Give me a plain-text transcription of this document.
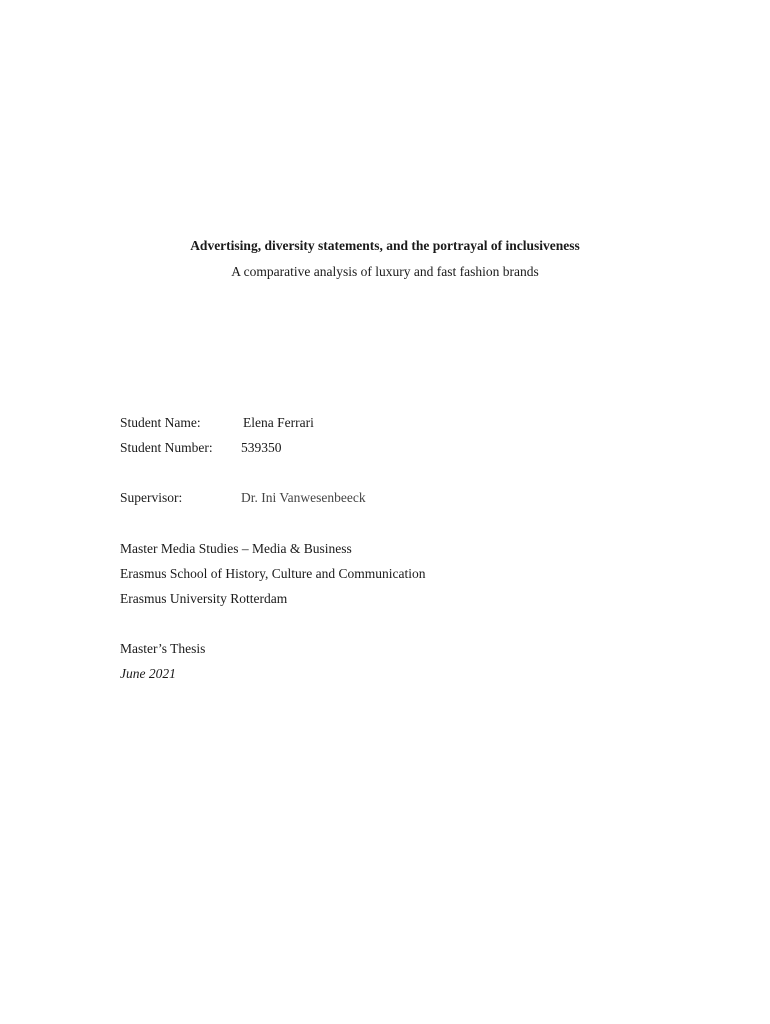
Advertising, diversity statements, and the portrayal of inclusiveness
A comparative analysis of luxury and fast fashion brands
Student Name:	Elena Ferrari
Student Number: 539350
Supervisor:	Dr. Ini Vanwesenbeeck
Master Media Studies – Media & Business
Erasmus School of History, Culture and Communication
Erasmus University Rotterdam
Master’s Thesis
June 2021
